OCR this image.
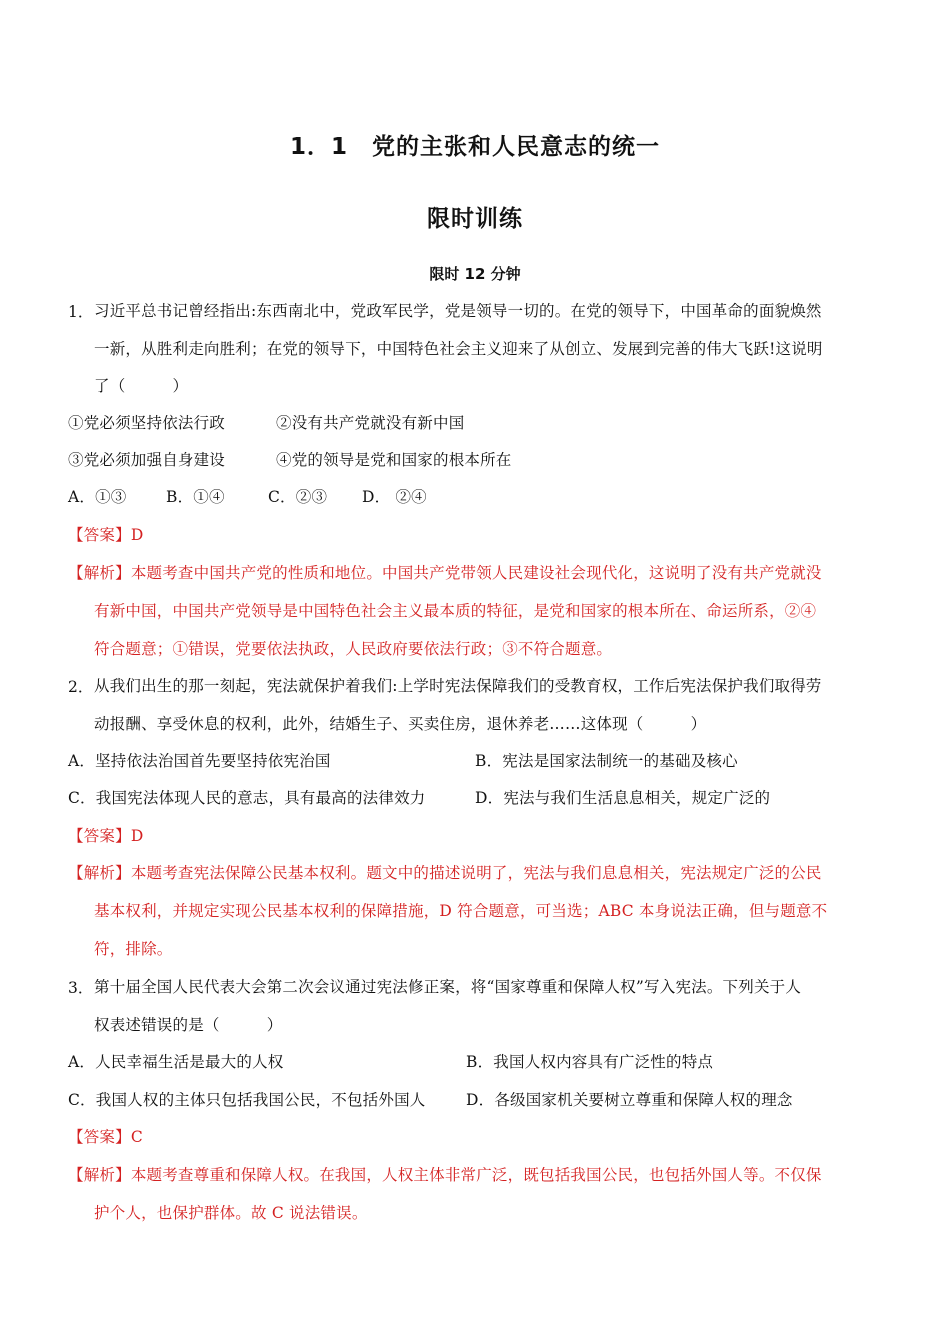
1．1　党的主张和人民意志的统一
限时训练
限时 12 分钟
1． 习近平总书记曾经指出:东西南北中，党政军民学，党是领导一切的。在党的领导下，中国革命的面貌焕然
一新，从胜利走向胜利；在党的领导下，中国特色社会主义迎来了从创立、发展到完善的伟大飞跃!这说明
了（　　　）
①党必须坚持依法行政	②没有共产党就没有新中国
③党必须加强自身建设	④党的领导是党和国家的根本所在
A．①③	B．①④	C．②③ D． ②④
【答案】D
【解析】本题考查中国共产党的性质和地位。中国共产党带领人民建设社会现代化，这说明了没有共产党就没
有新中国，中国共产党领导是中国特色社会主义最本质的特征，是党和国家的根本所在、命运所系，②④
符合题意；①错误，党要依法执政，人民政府要依法行政；③不符合题意。
2． 从我们出生的那一刻起，宪法就保护着我们:上学时宪法保障我们的受教育权，工作后宪法保护我们取得劳
动报酬、享受休息的权利，此外，结婚生子、买卖住房，退休养老……这体现（　　　）
A．坚持依法治国首先要坚持依宪治国	B．宪法是国家法制统一的基础及核心
C．我国宪法体现人民的意志，具有最高的法律效力	D．宪法与我们生活息息相关，规定广泛的
【答案】D
【解析】本题考查宪法保障公民基本权利。题文中的描述说明了，宪法与我们息息相关，宪法规定广泛的公民
基本权利，并规定实现公民基本权利的保障措施，D 符合题意，可当选；ABC 本身说法正确，但与题意不
符，排除。
3． 第十届全国人民代表大会第二次会议通过宪法修正案，将“国家尊重和保障人权”写入宪法。下列关于人
权表述错误的是（　　　）
A．人民幸福生活是最大的人权	B．我国人权内容具有广泛性的特点
C．我国人权的主体只包括我国公民，不包括外国人	D．各级国家机关要树立尊重和保障人权的理念
【答案】C
【解析】本题考查尊重和保障人权。在我国，人权主体非常广泛，既包括我国公民，也包括外国人等。不仅保
护个人，也保护群体。故 C 说法错误。
